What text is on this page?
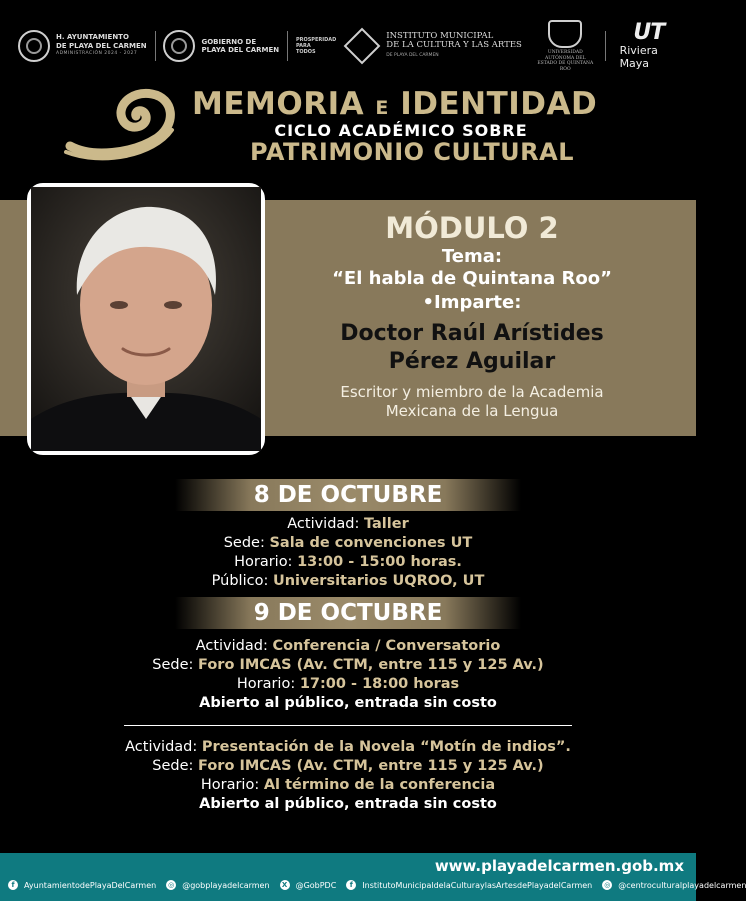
H. AYUNTAMIENTO
DE PLAYA DEL CARMEN
ADMINISTRACIÓN 2024 - 2027
GOBIERNO DE
PLAYA DEL CARMEN
PROSPERIDAD
PARA
TODOS
INSTITUTO MUNICIPAL
DE LA CULTURA Y LAS ARTES
DE PLAYA DEL CARMEN
UNIVERSIDAD AUTÓNOMA DEL
ESTADO DE QUINTANA ROO
UT
Riviera Maya
MEMORIA E IDENTIDAD
CICLO ACADÉMICO SOBRE
PATRIMONIO CULTURAL
MÓDULO 2
Tema:
“El habla de Quintana Roo”
•Imparte:
Doctor Raúl Arístides
Pérez Aguilar
Escritor y miembro de la Academia
Mexicana de la Lengua
8 DE OCTUBRE
Actividad: Taller
Sede: Sala de convenciones UT
Horario: 13:00 - 15:00 horas.
Público: Universitarios UQROO, UT
9 DE OCTUBRE
Actividad: Conferencia / Conversatorio
Sede: Foro IMCAS (Av. CTM, entre 115 y 125 Av.)
Horario: 17:00 - 18:00 horas
Abierto al público, entrada sin costo
Actividad: Presentación de la Novela “Motín de indios”.
Sede: Foro IMCAS (Av. CTM, entre 115 y 125 Av.)
Horario: Al término de la conferencia
Abierto al público, entrada sin costo
www.playadelcarmen.gob.mx
f	AyuntamientodePlayaDelCarmen ◎ @gobplayadelcarmen	X @GobPDC	f	InstitutoMunicipaldelaCulturaylasArtesdePlayadelCarmen ◎ @centroculturalplayadelcarmen
